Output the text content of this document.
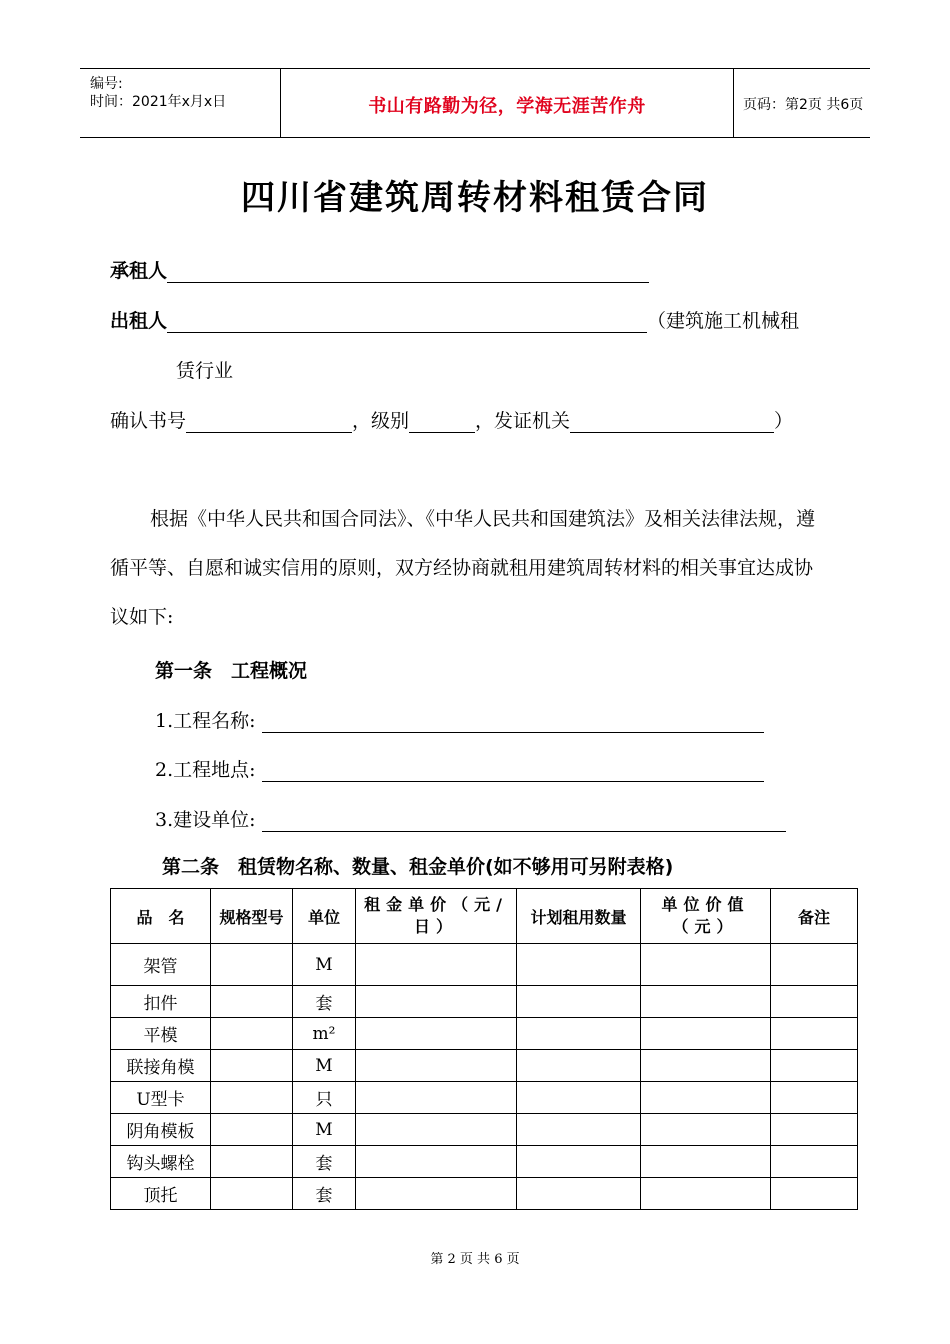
编号:
时间：2021年x月x日	书山有路勤为径，学海无涯苦作舟	页码：第2页 共6页
四川省建筑周转材料租赁合同
承租人
出租人	（建筑施工机械租
赁行业
确认书号	，级别	，发证机关	）
根据《中华人民共和国合同法》、《中华人民共和国建筑法》及相关法律法规，遵循平等、自愿和诚实信用的原则，双方经协商就租用建筑周转材料的相关事宜达成协议如下:
第一条　工程概况
1.工程名称:
2.工程地点:
3.建设单位:
第二条　租赁物名称、数量、租金单价(如不够用可另附表格)
品　名	规格型号	单位	租金单价（元/日）	计划租用数量	单位价值（元）	备注
架管		M				
扣件		套				
平模		m²				
联接角模		M				
U型卡		只				
阴角模板		M				
钩头螺栓		套				
顶托		套				
第 2 页 共 6 页
